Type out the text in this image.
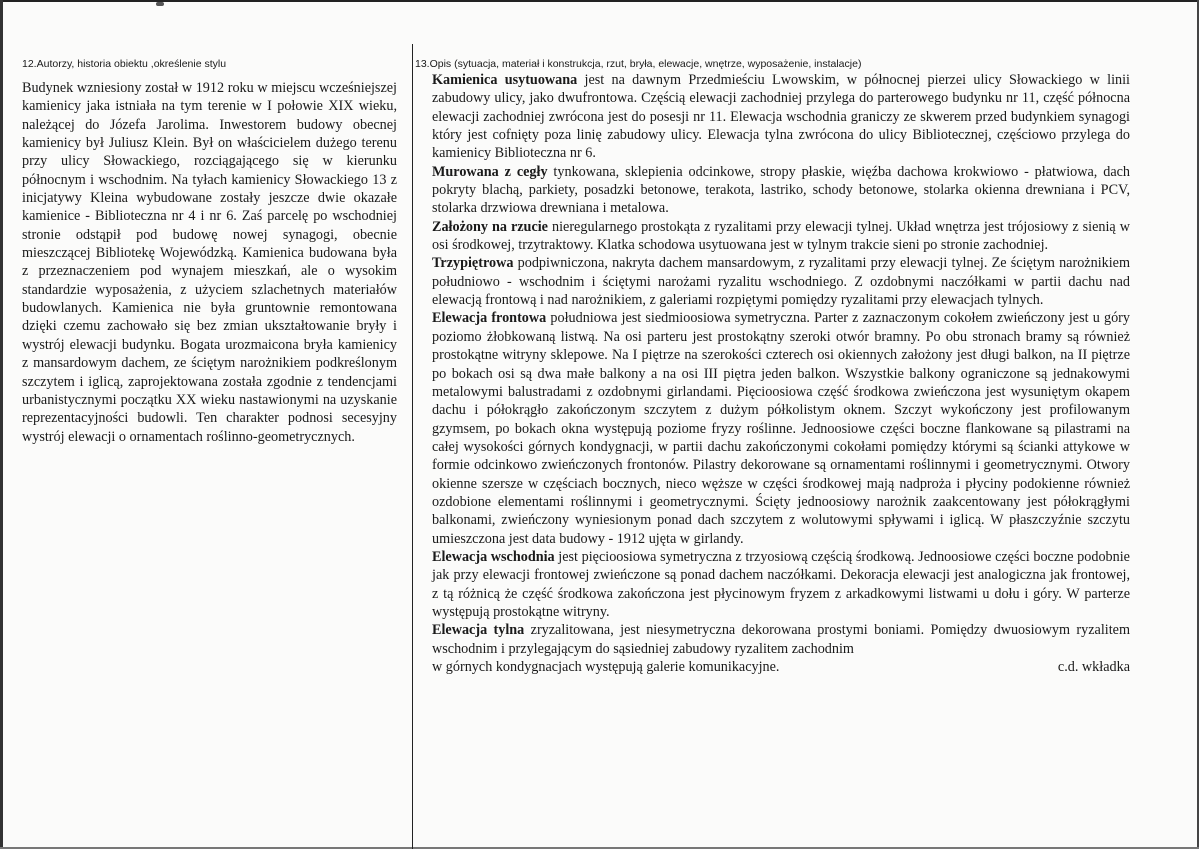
12.Autorzy, historia obiektu ,określenie stylu

Budynek wzniesiony został w 1912 roku w miejscu wcześniejszej kamienicy jaka istniała na tym terenie w I połowie XIX wieku, należącej do Józefa Jarolima. Inwestorem budowy obecnej kamienicy był Juliusz Klein. Był on właścicielem dużego terenu przy ulicy Słowackiego, rozciągającego się w kierunku północnym i wschodnim. Na tyłach kamienicy Słowackiego 13 z inicjatywy Kleina wybudowane zostały jeszcze dwie okazałe kamienice - Biblioteczna nr 4 i nr 6. Zaś parcelę po wschodniej stronie odstąpił pod budowę nowej synagogi, obecnie mieszczącej Bibliotekę Wojewódzką. Kamienica budowana była z przeznaczeniem pod wynajem mieszkań, ale o wysokim standardzie wyposażenia, z użyciem szlachetnych materiałów budowlanych. Kamienica nie była gruntownie remontowana dzięki czemu zachowało się bez zmian ukształtowanie bryły i wystrój elewacji budynku. Bogata urozmaicona bryła kamienicy z mansardowym dachem, ze ściętym narożnikiem podkreślonym szczytem i iglicą, zaprojektowana została zgodnie z tendencjami urbanistycznymi początku XX wieku nastawionymi na uzyskanie reprezentacyjności budowli. Ten charakter podnosi secesyjny wystrój elewacji o ornamentach roślinno-geometrycznych.

13.Opis (sytuacja, materiał i konstrukcja, rzut, bryła, elewacje, wnętrze, wyposażenie, instalacje)

Kamienica usytuowana jest na dawnym Przedmieściu Lwowskim, w północnej pierzei ulicy Słowackiego w linii zabudowy ulicy, jako dwufrontowa. Częścią elewacji zachodniej przylega do parterowego budynku nr 11, część północna elewacji zachodniej zwrócona jest do posesji nr 11. Elewacja wschodnia graniczy ze skwerem przed budynkiem synagogi który jest cofnięty poza linię zabudowy ulicy. Elewacja tylna zwrócona do ulicy Bibliotecznej, częściowo przylega do kamienicy Biblioteczna nr 6.

Murowana z cegły tynkowana, sklepienia odcinkowe, stropy płaskie, więźba dachowa krokwiowo - płatwiowa, dach pokryty blachą, parkiety, posadzki betonowe, terakota, lastriko, schody betonowe, stolarka okienna drewniana i PCV, stolarka drzwiowa drewniana i metalowa.

Założony na rzucie nieregularnego prostokąta z ryzalitami przy elewacji tylnej. Układ wnętrza jest trójosiowy z sienią w osi środkowej, trzytraktowy. Klatka schodowa usytuowana jest w tylnym trakcie sieni po stronie zachodniej.

Trzypiętrowa podpiwniczona, nakryta dachem mansardowym, z ryzalitami przy elewacji tylnej. Ze ściętym narożnikiem południowo - wschodnim i ściętymi narożami ryzalitu wschodniego. Z ozdobnymi naczółkami w partii dachu nad elewacją frontową i nad narożnikiem, z galeriami rozpiętymi pomiędzy ryzalitami przy elewacjach tylnych.

Elewacja frontowa południowa jest siedmioosiowa symetryczna. Parter z zaznaczonym cokołem zwieńczony jest u góry poziomo żłobkowaną listwą. Na osi parteru jest prostokątny szeroki otwór bramny. Po obu stronach bramy są również prostokątne witryny sklepowe. Na I piętrze na szerokości czterech osi okiennych założony jest długi balkon, na II piętrze po bokach osi są dwa małe balkony a na osi III piętra jeden balkon. Wszystkie balkony ograniczone są jednakowymi metalowymi balustradami z ozdobnymi girlandami. Pięcioosiowa część środkowa zwieńczona jest wysuniętym okapem dachu i półokrągło zakończonym szczytem z dużym półkolistym oknem. Szczyt wykończony jest profilowanym gzymsem, po bokach okna występują poziome fryzy roślinne. Jednoosiowe części boczne flankowane są pilastrami na całej wysokości górnych kondygnacji, w partii dachu zakończonymi cokołami pomiędzy którymi są ścianki attykowe w formie odcinkowo zwieńczonych frontonów. Pilastry dekorowane są ornamentami roślinnymi i geometrycznymi. Otwory okienne szersze w częściach bocznych, nieco węższe w części środkowej mają nadproża i płyciny podokienne również ozdobione elementami roślinnymi i geometrycznymi. Ścięty jednoosiowy narożnik zaakcentowany jest półokrągłymi balkonami, zwieńczony wyniesionym ponad dach szczytem z wolutowymi spływami i iglicą. W płaszczyźnie szczytu umieszczona jest data budowy - 1912 ujęta w girlandy.

Elewacja wschodnia jest pięcioosiowa symetryczna z trzyosiową częścią środkową. Jednoosiowe części boczne podobnie jak przy elewacji frontowej zwieńczone są ponad dachem naczółkami. Dekoracja elewacji jest analogiczna jak frontowej, z tą różnicą że część środkowa zakończona jest płycinowym fryzem z arkadkowymi listwami u dołu i góry. W parterze występują prostokątne witryny.

Elewacja tylna zryzalitowana, jest niesymetryczna dekorowana prostymi boniami. Pomiędzy dwuosiowym ryzalitem wschodnim i przylegającym do sąsiedniej zabudowy ryzalitem zachodnim

w górnych kondygnacjach występują galerie komunikacyjne.	c.d. wkładka
